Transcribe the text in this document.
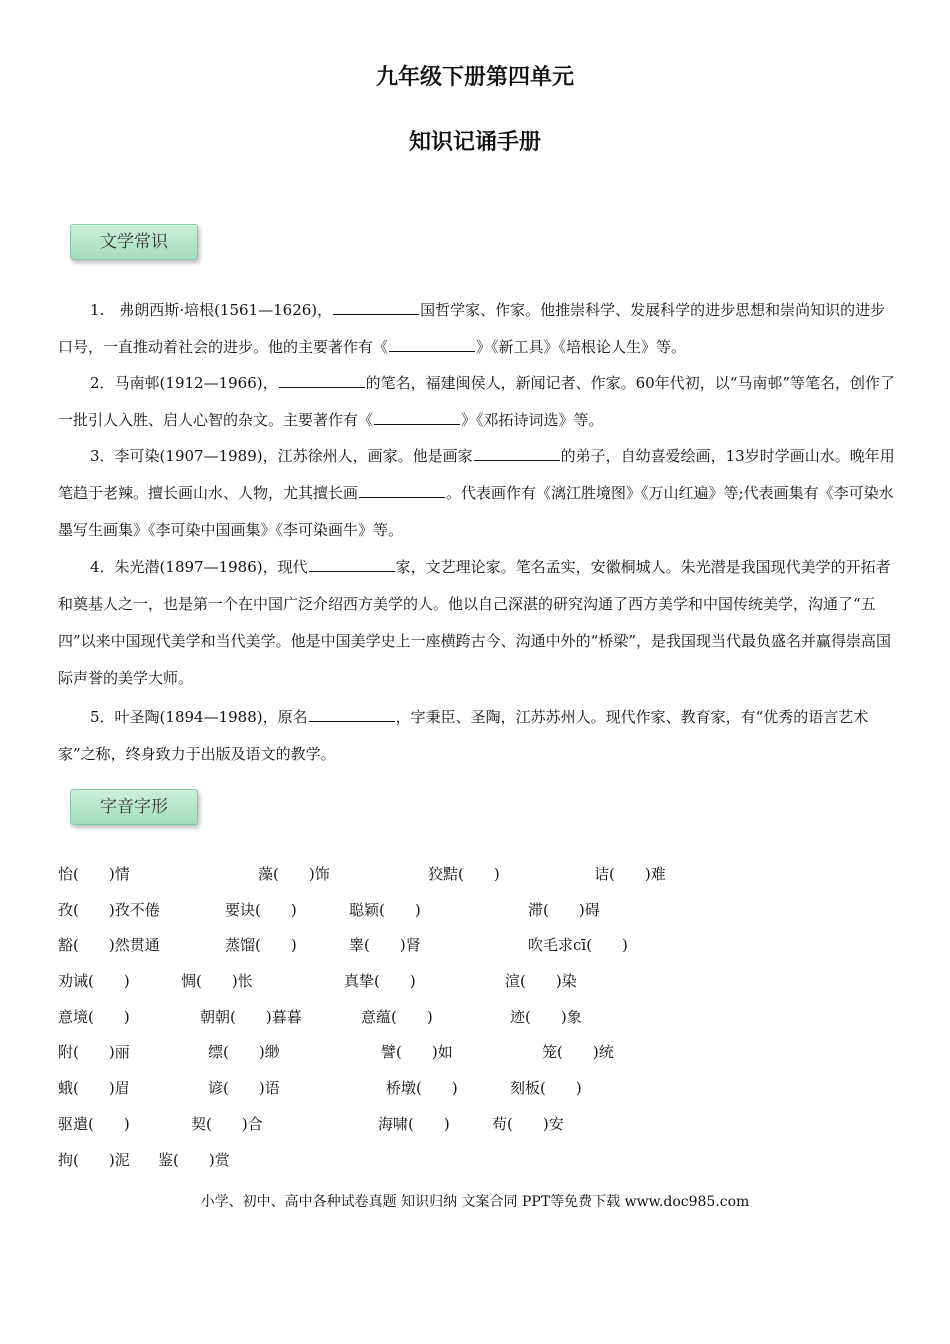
九年级下册第四单元
知识记诵手册
文学常识

1.　弗朗西斯·培根(1561—1626)，	国哲学家、作家。他推崇科学、发展科学的进步思想和崇尚知识的进步口号，一直推动着社会的进步。他的主要著作有《	》《新工具》《培根论人生》等。

2．马南邨(1912—1966)，	的笔名，福建闽侯人，新闻记者、作家。60年代初，以“马南邨”等笔名，创作了一批引人入胜、启人心智的杂文。主要著作有《	》《邓拓诗词选》等。

3．李可染(1907—1989)，江苏徐州人，画家。他是画家	的弟子，自幼喜爱绘画，13岁时学画山水。晚年用笔趋于老辣。擅长画山水、人物，尤其擅长画	。代表画作有《漓江胜境图》《万山红遍》等;代表画集有《李可染水墨写生画集》《李可染中国画集》《李可染画牛》等。

4．朱光潜(1897—1986)，现代	家，文艺理论家。笔名孟实，安徽桐城人。朱光潜是我国现代美学的开拓者和奠基人之一，也是第一个在中国广泛介绍西方美学的人。他以自己深湛的研究沟通了西方美学和中国传统美学，沟通了“五四”以来中国现代美学和当代美学。他是中国美学史上一座横跨古今、沟通中外的“桥梁”，是我国现当代最负盛名并赢得崇高国际声誉的美学大师。

5．叶圣陶(1894—1988)，原名	，字秉臣、圣陶，江苏苏州人。现代作家、教育家，有“优秀的语言艺术家”之称，终身致力于出版及语文的教学。

字音字形
怡(　　)情	藻(　　)饰	狡黠(　　)	诘(　　)难
孜(　　)孜不倦	要诀(　　)	聪颖(　　)	滞(　　)碍
豁(　　)然贯通	蒸馏(　　)	睾(　　)肾	吹毛求cī(　　)
劝诫(　　)	惆(　　)怅	真挚(　　)	渲(　　)染
意境(　　)	朝朝(　　)暮暮	意蕴(　　)	迹(　　)象
附(　　)丽	缥(　　)缈	譬(　　)如	笼(　　)统
蛾(　　)眉	谚(　　)语	桥墩(　　)	刻板(　　)
驱遣(　　)	契(　　)合	海啸(　　)	苟(　　)安
拘(　　)泥 鉴(　　)赏
小学、初中、高中各种试卷真题 知识归纳 文案合同 PPT等免费下载 www.doc985.com
